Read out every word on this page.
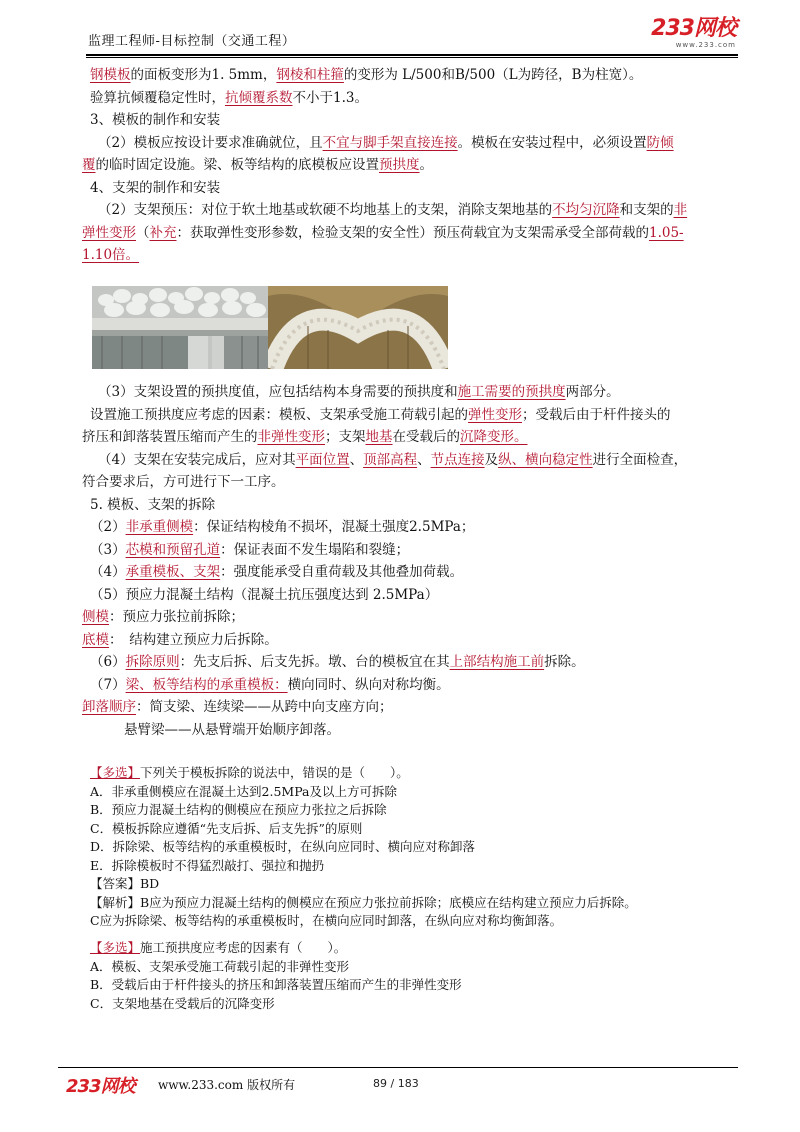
监理工程师-目标控制（交通工程）
233网校
www.233.com

钢模板的面板变形为1. 5mm，钢棱和柱箍的变形为 L/500和B/500（L为跨径，B为柱宽）。

验算抗倾覆稳定性时，抗倾覆系数不小于1.3。

3、模板的制作和安装

（2）模板应按设计要求准确就位，且不宜与脚手架直接连接。模板在安装过程中，必须设置防倾

覆的临时固定设施。梁、板等结构的底模板应设置预拱度。

4、支架的制作和安装

（2）支架预压：对位于软土地基或软硬不均地基上的支架，消除支架地基的不均匀沉降和支架的非

弹性变形（补充：获取弹性变形参数，检验支架的安全性）预压荷载宜为支架需承受全部荷载的1.05-

1.10倍。

（3）支架设置的预拱度值，应包括结构本身需要的预拱度和施工需要的预拱度两部分。

设置施工预拱度应考虑的因素：模板、支架承受施工荷载引起的弹性变形；受载后由于杆件接头的

挤压和卸落装置压缩而产生的非弹性变形；支架地基在受载后的沉降变形。

（4）支架在安装完成后，应对其平面位置、顶部高程、节点连接及纵、横向稳定性进行全面检查，

符合要求后，方可进行下一工序。

5. 模板、支架的拆除

（2）非承重侧模：保证结构棱角不损坏，混凝土强度2.5MPa；

（3）芯模和预留孔道：保证表面不发生塌陷和裂缝；

（4）承重模板、支架：强度能承受自重荷载及其他叠加荷载。

（5）预应力混凝土结构（混凝土抗压强度达到 2.5MPa）

侧模：预应力张拉前拆除；

底模：　结构建立预应力后拆除。

（6）拆除原则：先支后拆、后支先拆。墩、台的模板宜在其上部结构施工前拆除。

（7）梁、板等结构的承重模板：横向同时、纵向对称均衡。

卸落顺序：简支梁、连续梁——从跨中向支座方向；

悬臂梁——从悬臂端开始顺序卸落。

【多选】下列关于模板拆除的说法中，错误的是（　　）。

A．非承重侧模应在混凝土达到2.5MPa及以上方可拆除

B．预应力混凝土结构的侧模应在预应力张拉之后拆除

C．模板拆除应遵循“先支后拆、后支先拆”的原则

D．拆除梁、板等结构的承重模板时，在纵向应同时、横向应对称卸落

E．拆除模板时不得猛烈敲打、强拉和抛扔

【答案】BD

【解析】B应为预应力混凝土结构的侧模应在预应力张拉前拆除；底模应在结构建立预应力后拆除。

C应为拆除梁、板等结构的承重模板时，在横向应同时卸落，在纵向应对称均衡卸落。

【多选】施工预拱度应考虑的因素有（　　）。

A．模板、支架承受施工荷载引起的非弹性变形

B．受载后由于杆件接头的挤压和卸落装置压缩而产生的非弹性变形

C．支架地基在受载后的沉降变形

233网校 www.233.com 版权所有	89 / 183
